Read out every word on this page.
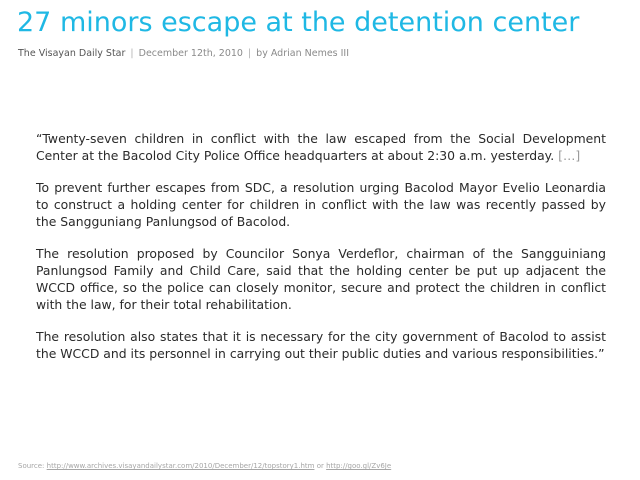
27 minors escape at the detention center
The Visayan Daily Star | December 12th, 2010 | by Adrian Nemes III

“Twenty-seven children in conflict with the law escaped from the Social Development Center at the Bacolod City Police Office headquarters at about 2:30 a.m. yesterday. […]

To prevent further escapes from SDC, a resolution urging Bacolod Mayor Evelio Leonardia to construct a holding center for children in conflict with the law was recently passed by the Sangguniang Panlungsod of Bacolod.

The resolution proposed by Councilor Sonya Verdeflor, chairman of the Sangguiniang Panlungsod Family and Child Care, said that the holding center be put up adjacent the WCCD office, so the police can closely monitor, secure and protect the children in conflict with the law, for their total rehabilitation.

The resolution also states that it is necessary for the city government of Bacolod to assist the WCCD and its personnel in carrying out their public duties and various responsibilities.”

Source: http://www.archives.visayandailystar.com/2010/December/12/topstory1.htm or http://goo.gl/Zv6Je
